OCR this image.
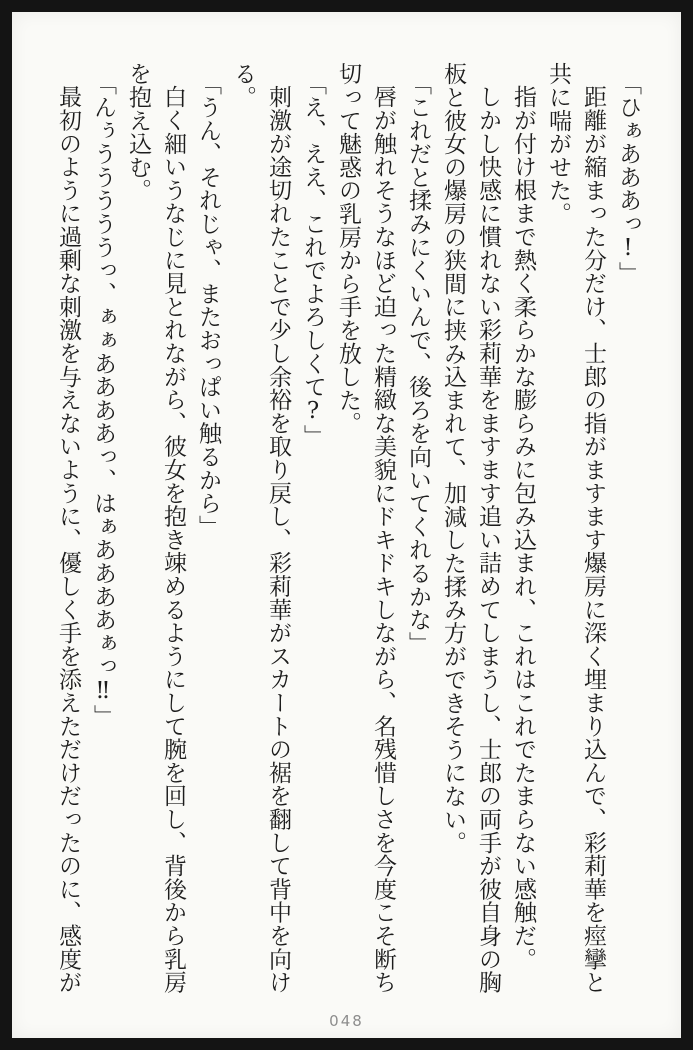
「ひぁあああっ!」
距離が縮まった分だけ、士郎の指がますます爆房に深く埋まり込んで、彩莉華を痙攣と
共に喘がせた。
指が付け根まで熱く柔らかな膨らみに包み込まれ、これはこれでたまらない感触だ。
しかし快感に慣れない彩莉華をますます追い詰めてしまうし、士郎の両手が彼自身の胸
板と彼女の爆房の狭間に挟み込まれて、加減した揉み方ができそうにない。
「これだと揉みにくいんで、後ろを向いてくれるかな」
唇が触れそうなほど迫った精緻な美貌にドキドキしながら、名残惜しさを今度こそ断ち
切って魅惑の乳房から手を放した。
「え、ええ、これでよろしくて?」
刺激が途切れたことで少し余裕を取り戻し、彩莉華がスカートの裾を翻して背中を向け
る。
「うん、それじゃ、またおっぱい触るから」
白く細いうなじに見とれながら、彼女を抱き竦めるようにして腕を回し、背後から乳房
を抱え込む。
「んぅうううううっ、ぁぁああああっ、はぁああああぁっ‼」
最初のように過剰な刺激を与えないように、優しく手を添えただけだったのに、感度が
048
